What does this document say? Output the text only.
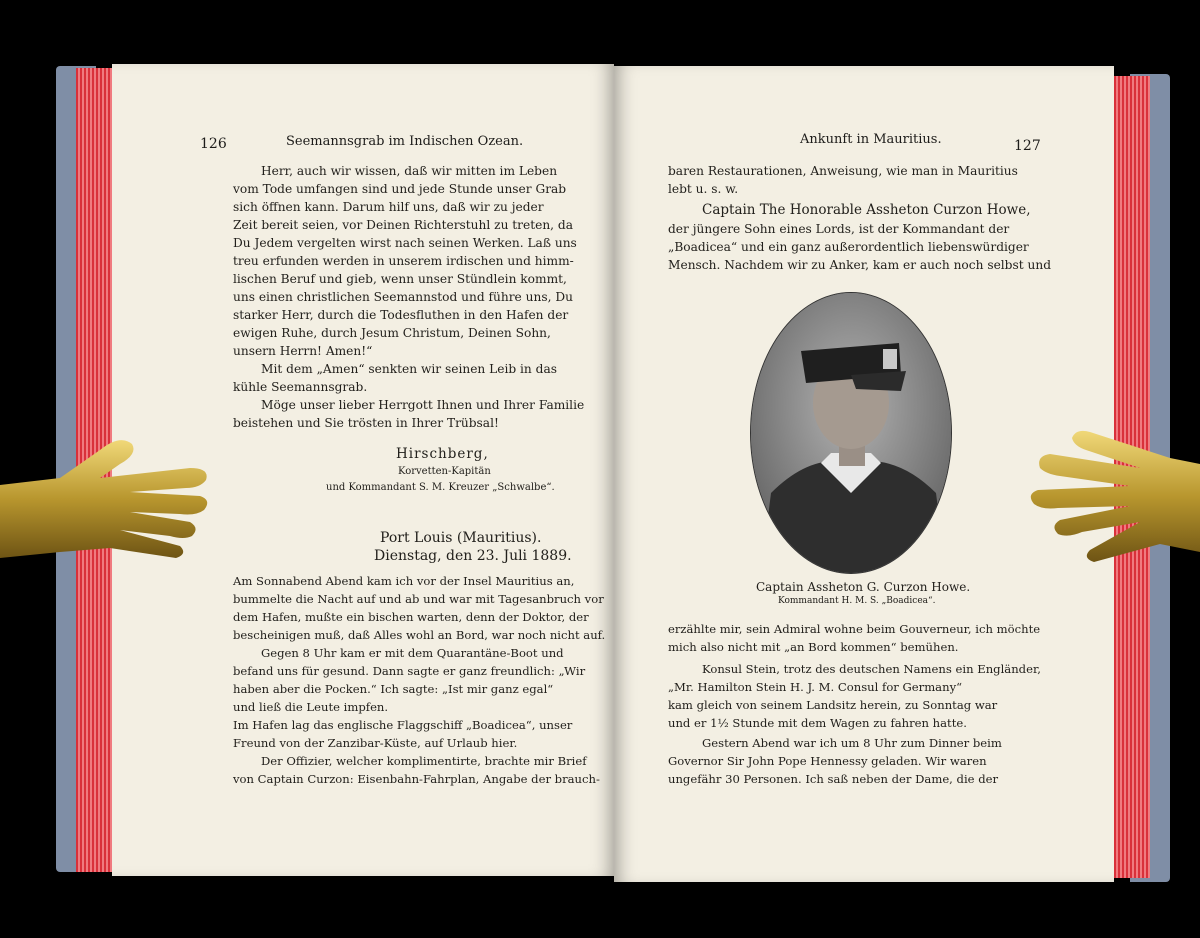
126	Seemannsgrab im Indischen Ozean.
Herr, auch wir wissen, daß wir mitten im Leben
vom Tode umfangen sind und jede Stunde unser Grab
sich öffnen kann. Darum hilf uns, daß wir zu jeder
Zeit bereit seien, vor Deinen Richterstuhl zu treten, da
Du Jedem vergelten wirst nach seinen Werken. Laß uns
treu erfunden werden in unserem irdischen und himm-
lischen Beruf und gieb, wenn unser Stündlein kommt,
uns einen christlichen Seemannstod und führe uns, Du
starker Herr, durch die Todesfluthen in den Hafen der
ewigen Ruhe, durch Jesum Christum, Deinen Sohn,
unsern Herrn! Amen!“
Mit dem „Amen“ senkten wir seinen Leib in das
kühle Seemannsgrab.
Möge unser lieber Herrgott Ihnen und Ihrer Familie
beistehen und Sie trösten in Ihrer Trübsal!
Hirschberg,
Korvetten-Kapitän
und Kommandant S. M. Kreuzer „Schwalbe“.
Port Louis (Mauritius).
Dienstag, den 23. Juli 1889.
Am Sonnabend Abend kam ich vor der Insel Mauritius an,
bummelte die Nacht auf und ab und war mit Tagesanbruch vor
dem Hafen, mußte ein bischen warten, denn der Doktor, der
bescheinigen muß, daß Alles wohl an Bord, war noch nicht auf.
Gegen 8 Uhr kam er mit dem Quarantäne-Boot und
befand uns für gesund. Dann sagte er ganz freundlich: „Wir
haben aber die Pocken.“ Ich sagte: „Ist mir ganz egal“
und ließ die Leute impfen.
Im Hafen lag das englische Flaggschiff „Boadicea“, unser
Freund von der Zanzibar-Küste, auf Urlaub hier.
Der Offizier, welcher komplimentirte, brachte mir Brief
von Captain Curzon: Eisenbahn-Fahrplan, Angabe der brauch-
Ankunft in Mauritius.	127
baren Restaurationen, Anweisung, wie man in Mauritius
lebt u. s. w.
Captain The Honorable Assheton Curzon Howe,
der jüngere Sohn eines Lords, ist der Kommandant der
„Boadicea“ und ein ganz außerordentlich liebenswürdiger
Mensch. Nachdem wir zu Anker, kam er auch noch selbst und
Captain Assheton G. Curzon Howe.
Kommandant H. M. S. „Boadicea“.
erzählte mir, sein Admiral wohne beim Gouverneur, ich möchte
mich also nicht mit „an Bord kommen“ bemühen.
Konsul Stein, trotz des deutschen Namens ein Engländer,
„Mr. Hamilton Stein H. J. M. Consul for Germany“
kam gleich von seinem Landsitz herein, zu Sonntag war
und er 1½ Stunde mit dem Wagen zu fahren hatte.
Gestern Abend war ich um 8 Uhr zum Dinner beim
Governor Sir John Pope Hennessy geladen. Wir waren
ungefähr 30 Personen. Ich saß neben der Dame, die der
